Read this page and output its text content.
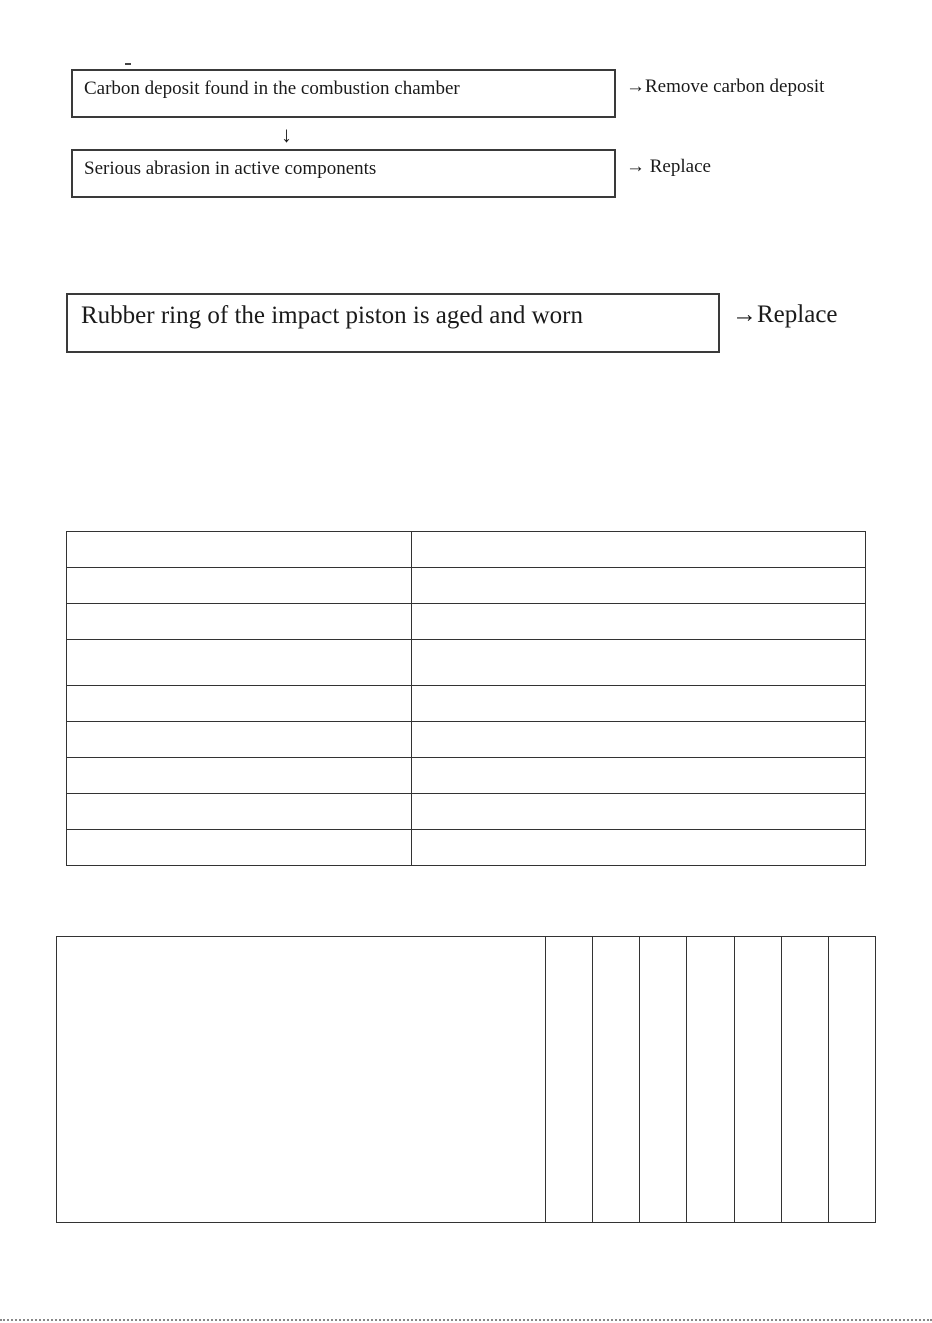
Carbon deposit found in the combustion chamber	→Remove carbon deposit
↓
Serious abrasion in active components	→ Replace
Rubber ring of the impact piston is aged and worn	→Replace
